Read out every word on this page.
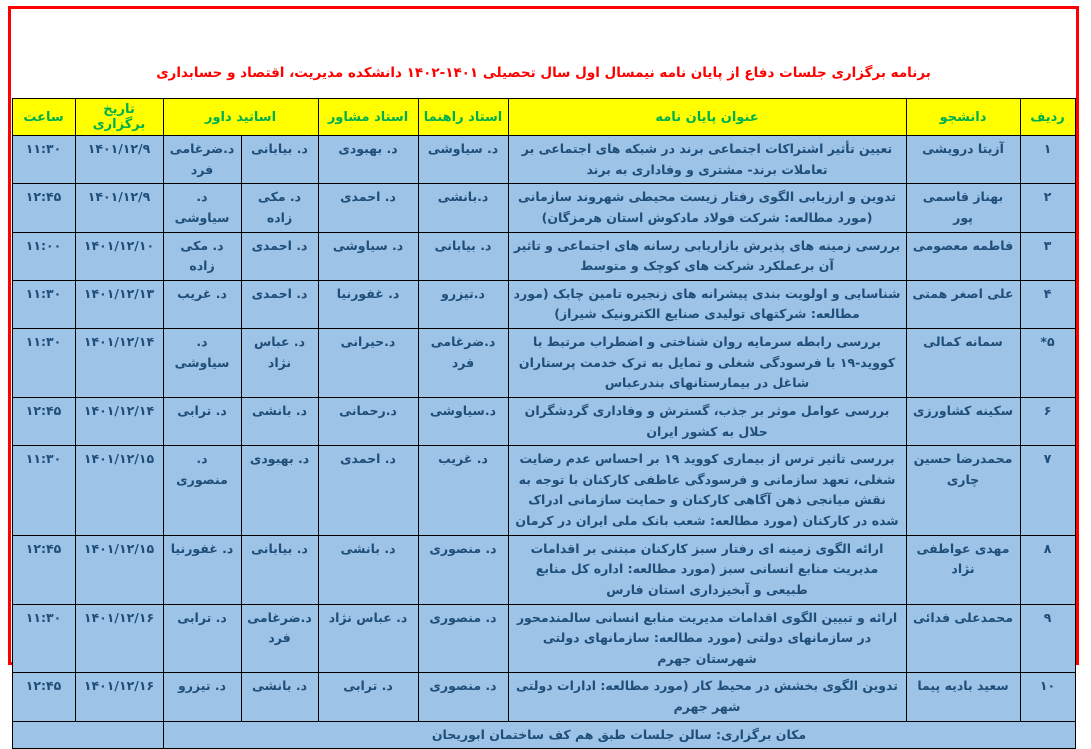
برنامه برگزاری جلسات دفاع از پایان نامه نیمسال اول سال تحصیلی ۱۴۰۱-۱۴۰۲ دانشکده مدیریت، اقتصاد و حسابداری
ردیف	دانشجو	عنوان پایان نامه	استاد راهنما	استاد مشاور	اساتید داور		تاریخ برگزاری	ساعت
۱	آزیتا درویشی	تعیین تأثیر اشتراکات اجتماعی برند در شبکه های اجتماعی بر تعاملات برند- مشتری و وفاداری به برند	د. سیاوشی	د. بهبودی	د. بیابانی	د.ضرغامی فرد	۱۴۰۱/۱۲/۹	۱۱:۳۰
۲	بهناز قاسمی پور	تدوین و ارزیابی الگوی رفتار زیست محیطی شهروند سازمانی (مورد مطالعه: شرکت فولاد مادکوش استان هرمزگان)	د.بانشی	د. احمدی	د. مکی زاده	د. سیاوشی	۱۴۰۱/۱۲/۹	۱۲:۴۵
۳	فاطمه معصومی	بررسی زمینه های پذیرش بازاریابی رسانه های اجتماعی و تاثیر آن برعملکرد شرکت های کوچک و متوسط	د. بیابانی	د. سیاوشی	د. احمدی	د. مکی زاده	۱۴۰۱/۱۲/۱۰	۱۱:۰۰
۴	علی اصغر همتی	شناسایی و اولویت بندی پیشرانه های زنجیره تامین چابک (مورد مطالعه: شرکتهای تولیدی صنایع الکترونیک شیراز)	د.تیزرو	د. غفورنیا	د. احمدی	د. غریب	۱۴۰۱/۱۲/۱۳	۱۱:۳۰
۵*	سمانه کمالی	بررسی رابطه سرمایه روان شناختی و اضطراب مرتبط با کووید-۱۹ با فرسودگی شغلی و تمایل به ترک خدمت پرستاران شاغل در بیمارستانهای بندرعباس	د.ضرغامی فرد	د.حیرانی	د. عباس نژاد	د. سیاوشی	۱۴۰۱/۱۲/۱۴	۱۱:۳۰
۶	سکینه کشاورزی	بررسی عوامل موثر بر جذب، گسترش و وفاداری گردشگران حلال به کشور ایران	د.سیاوشی	د.رحمانی	د. بانشی	د. ترابی	۱۴۰۱/۱۲/۱۴	۱۲:۴۵
۷	محمدرضا حسین چاری	بررسی تاثیر ترس از بیماری کووید ۱۹ بر احساس عدم رضایت شغلی، تعهد سازمانی و فرسودگی عاطفی کارکنان با توجه به نقش میانجی ذهن آگاهی کارکنان و حمایت سازمانی ادراک شده در کارکنان (مورد مطالعه: شعب بانک ملی ایران در کرمان	د. غریب	د. احمدی	د. بهبودی	د. منصوری	۱۴۰۱/۱۲/۱۵	۱۱:۳۰
۸	مهدی عواطفی نژاد	ارائه الگوی زمینه ای رفتار سبز کارکنان مبتنی بر اقدامات مدیریت منابع انسانی سبز (مورد مطالعه: اداره کل منابع طبیعی و آبخیزداری استان فارس	د. منصوری	د. بانشی	د. بیابانی	د. غفورنیا	۱۴۰۱/۱۲/۱۵	۱۲:۴۵
۹	محمدعلی فدائی	ارائه و تبیین الگوی اقدامات مدیریت منابع انسانی سالمندمحور در سازمانهای دولتی (مورد مطالعه: سازمانهای دولتی شهرستان جهرم	د. منصوری	د. عباس نژاد	د.ضرغامی فرد	د. ترابی	۱۴۰۱/۱۲/۱۶	۱۱:۳۰
۱۰	سعید بادیه پیما	تدوین الگوی بخشش در محیط کار (مورد مطالعه: ادارات دولتی شهر جهرم	د. منصوری	د. ترابی	د. بانشی	د. تیزرو	۱۴۰۱/۱۲/۱۶	۱۲:۴۵
مکان برگزاری: سالن جلسات طبق هم کف ساختمان ابوریحان								
